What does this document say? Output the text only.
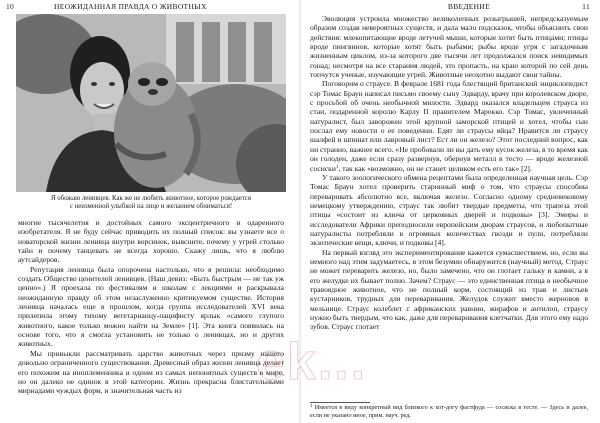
10	НЕОЖИДАННАЯ ПРАВДА О ЖИВОТНЫХ
Я обожаю ленивцев. Как же не любить животное, которое рождается
с неизменной улыбкой на лице и желанием обниматься!

многие тысячелетия и достойных самого эксцентричного и одаренного изобретателя. Я не буду сейчас приводить их полный список: вы узнаете все о новаторской жизни ленивца внутри ворсинок, выясните, почему у угрей столько тайн и почему танцевать не всегда хорошо. Скажу лишь, что я люблю аутсайдеров.

Репутация ленивца была опорочена настолько, что я решила: необходимо создать Общество ценителей ленивцев. (Наш девиз: «Быть быстрым — не так уж ценно».) Я проехала по фестивалям и школам с лекциями и раскрывала неожиданную правду об этом незаслуженно критикуемом существе. История ленивца началась еще в прошлом, когда группа исследователей XVI века прилепила этому тихому вегетарианцу-пацифисту ярлык «самого глупого животного, какое только можно найти на Земле» [1]. Эта книга появилась на основе того, что я смогла установить не только о ленивцах, но и других животных.

Мы привыкли рассматривать царство животных через призму нашего довольно ограниченного существования. Древесный образ жизни ленивца делает его похожим на иноплеменника и одним из самых непонятных существ в мире, но он далеко не одинок в этой категории. Жизнь прекрасна блистательными мириадами чуждых форм, и значительная часть из

ВВЕДЕНИЕ	11

Эволюция устроила множество великолепных розыгрышей, непредсказуемым образом создав невероятных существ, и дала мало подсказок, чтобы объяснить свои действия: млекопитающие вроде летучей мыши, которые хотят быть птицами; птицы вроде пингвинов, которые хотят быть рыбами; рыбы вроде угря с загадочным жизненным циклом, из-за которого две тысячи лет продолжался поиск невидимых гонад; несмотря на все старания людей, это пропасть, на краю которой по сей день топчутся ученые, изучающие угрей. Животные неохотно выдают свои тайны.

Поговорим о страусе. В феврале 1681 года блестящий британский энциклопедист сэр Томас Браун написал письмо своему сыну Эдварду, врачу при королевском дворе, с просьбой об очень необычной милости. Эдвард оказался владельцем страуса из стаи, подаренной королю Карлу II правителем Марокко. Сэр Томас, увлеченный натуралист, был заворожен этой крупной заморской птицей и хотел, чтобы сын послал ему новости о ее поведении. Едят ли страусы яйца? Нравится ли страусу шалфей и шпинат или лавровый лист? Ест ли он железо? Этот последний вопрос, как ни странно, важнее всего. «Не пробовали ли вы дать ему кусок железа, в то время как он голоден, даже если сразу развернув, обернув металл в тесто — вроде железной сосиски$^1$, так как «возможно, он не станет целиком есть его так» [2].

У такого зоологического обмена рецептами была определенная научная цель. Сэр Томас Браун хотел проверить старинный миф о том, что страусы способны переваривать абсолютно все, включая железо. Согласно одному средневековому немецкому утверждению, страус так любит твердые предметы, что трапеза этой птицы «состоит из ключа от церковных дверей и подковы» [3]. Эмиры и исследователи Африки преподносили европейским дворам страусов, и любопытные натуралисты потребляли в огромных количествах гвозди и пули, потребляли экзотические вещи, ключи, и подковы [4].

На первый взгляд это экспериментирование кажется сумасшествием, но, если вы немного над этим задумаетесь, в этом безумии обнаружится (научный) метод. Страус не может переварить железо, но, было замечено, что он глотает гальку и камни, а в его желудке их бывает полно. Зачем? Страус — это единственная птица в необычное травоядное животное, что не полный корм, состоящий из трав и листьев кустарников, трудных для переваривания. Желудок служит вместо жерновов в мельнице. Страус колеблет с африканских равнин, жирафов и антилоп, страусу нужно быть твердым, что как, даже для переваривания клетчатки. Для этого ему надо зубов. Страус глотает

$^1$ Имеется в виду конкретный вид близкого к хот-догу фастфуда — сосиска в тесте. — Здесь и далее, если не указано иное, прим. науч. ред.
ek...
